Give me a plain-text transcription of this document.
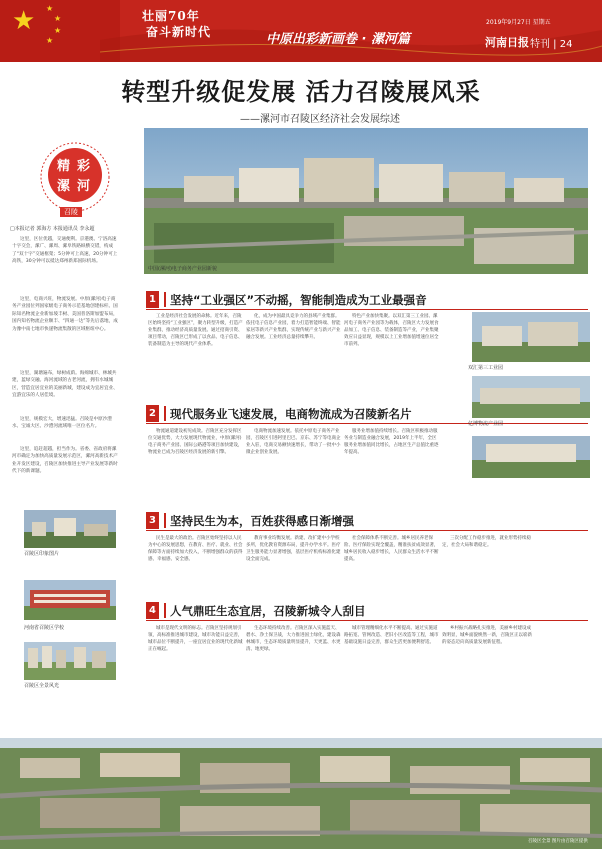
★ ★
★
★
★
壮丽70年
奋斗新时代	中原出彩新画卷 · 漯河篇
2019年9月27日 星期五
河南日报 特刊 | 24
转型升级促发展 活力召陵展风采
——漯河市召陵区经济社会发展综述
精 彩
漯 河
召陵
□本报记者 郭海方 本报通讯员 李永超
这里，区位优越，交通便利。京港澳、宁洛高速十字交会，漯广、漯周、漯阜铁路纵横交错，构成了“双十字”交通框架；5分钟可上高速，20分钟可上高铁，30分钟可以抵达郑州新郑国际机场。
这里，电商兴旺，物流发展。中原(漯河)电子商务产业园位列国家级电子商务示范基地创建标杆。国际知名物流企业新加坡丰树、美国普洛斯加盟布局，国内知名物流企业顺丰、“四通一达”等先后落地，成为豫中南七地市快递物流集散的区域枢纽中心。
这里，湖塘遍布，绿树成荫。海绵城市、林城共建，蓝绿交融。海河流域的古老河流，拥有水城城区，营造宜居宜业的美丽新城，建设成为宜居宜业、宜游宜乐的人居佳境。
这里，规模宏大，增速迅猛。召陵是中原沙澧水、宝诚大区、沙澧河流域唯一区位名片。
这里，追赶超越，担当作为。省委、省政府将漯河市确定为加快高质量发展示范区，漯河高新技术产业开发区建设，召陵区加快推进主导产业发展等新时代下的新课题。
召陵区印象图片
河南省召陵区学校
召陵区全景风光
中国(漯河)电子商务产业园新貌
1 坚持“工业强区”不动摇，智能制造成为工业最强音
工业是经济社会发展的命脉。近年来，召陵区始终坚持“工业强区”，聚力转型升级，打造产业集群，推动经济高质量发展。通过招商引资、项目带动，召陵区已形成了以食品、电子信息、装备制造为主导的现代产业体系。
化，成为中国最具竞争力的县域产业集群。依托电子信息产业园，着力打造智能终端、智能家居等新兴产业集群，实现传统产业与新兴产业融合发展。工业经济总量持续攀升。
特色产业加快集聚。以双汇第三工业园、漯河电子商务产业园等为载体，召陵区大力发展食品加工、电子信息、装备制造等产业，产业集聚效应日益显现，规模以上工业增加值增速位居全市前列。
双汇第三工业园
2 现代服务业飞速发展，电商物流成为召陵新名片
物流通道建设初见成效。召陵区充分发挥区位交通优势，大力发展现代物流业，中原(漯河)电子商务产业园、国际公路港等项目加快建设，物流业已成为召陵区经济发展的新引擎。
电商物流加速发展。依托中原电子商务产业园，召陵区引进阿里巴巴、京东、苏宁等电商企业入驻，电商交易额快速增长，带动了一批中小微企业创业发展。
服务业增加值持续增长。召陵区积极推动服务业与制造业融合发展，2019年上半年，全区服务业增加值同比增长，占地区生产总值比重逐年提高。
亿博物流产业园
3 坚持民生为本，百姓获得感日渐增强
民生是最大的政治。召陵区始终坚持以人民为中心的发展思想，在教育、医疗、就业、社会保障等方面持续加大投入，不断增强群众的获得感、幸福感、安全感。
教育事业均衡发展。新建、改扩建中小学校多所，优化教育资源布局，提升办学水平。医疗卫生服务能力显著增强，基层医疗机构标准化建设全面完成。
社会保障体系不断完善。城乡居民养老保险、医疗保险实现全覆盖，精准扶贫成效显著，城乡居民收入稳步增长，人民群众生活水平不断提高。
三次分配工作稳步推进，就业形势持续稳定，社会大局和谐稳定。
4 人气鼎旺生态宜居，召陵新城令人刮目
城市是现代文明的标志。召陵区坚持规划引领，高标准推进城市建设，城市功能日益完善，城市品位不断提升，一座宜居宜业的现代化新城正在崛起。
生态环境持续改善。召陵区深入实施蓝天、碧水、净土保卫战，大力推进国土绿化，建设森林城市，生态环境质量明显提升，天更蓝、水更清、地更绿。
城市管理精细化水平不断提高。通过实施道路拓宽、管网改造、老旧小区改造等工程，城市基础设施日益完善，群众生活更加便利舒适。
乡村振兴战略扎实推进，美丽乡村建设成效明显，城乡面貌焕然一新，召陵区正以崭新的姿态迈向高质量发展新征程。
召陵区全景 图片由召陵区提供
